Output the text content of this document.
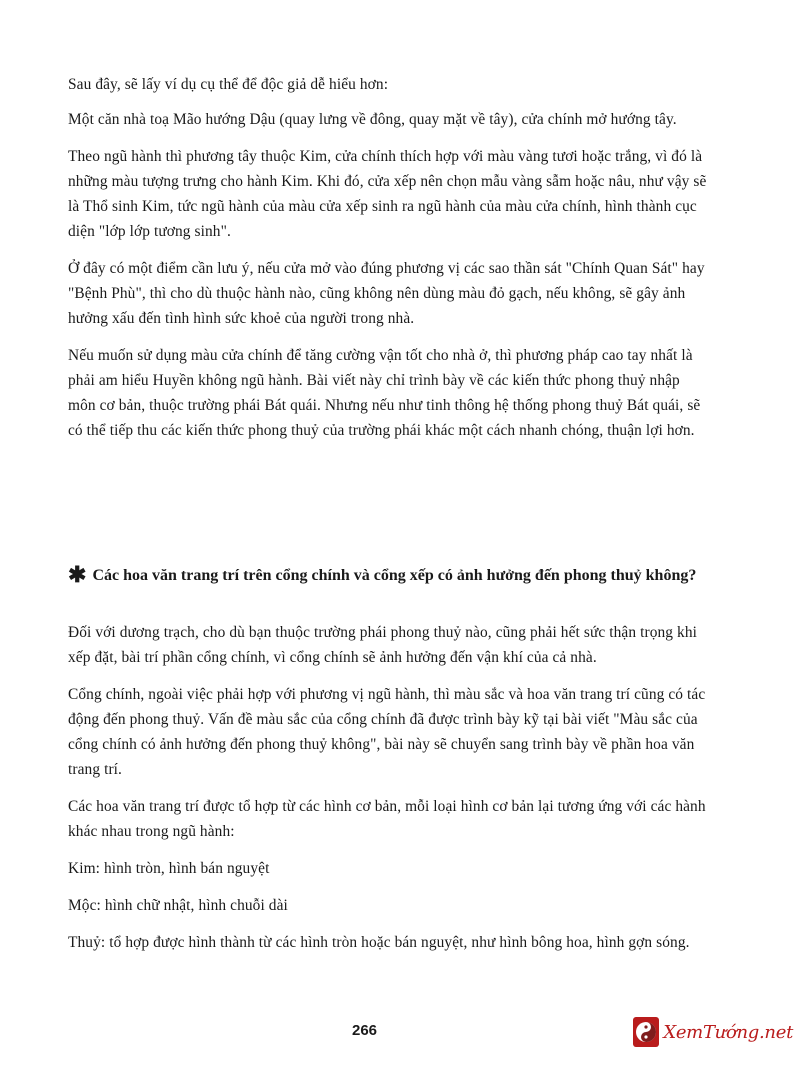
Sau đây, sẽ lấy ví dụ cụ thể để độc giả dễ hiểu hơn:

Một căn nhà toạ Mão hướng Dậu (quay lưng về đông, quay mặt về tây), cửa chính mở hướng tây.

Theo ngũ hành thì phương tây thuộc Kim, cửa chính thích hợp với màu vàng tươi hoặc trắng, vì đó là những màu tượng trưng cho hành Kim. Khi đó, cửa xếp nên chọn mẫu vàng sẫm hoặc nâu, như vậy sẽ là Thổ sinh Kim, tức ngũ hành của màu cửa xếp sinh ra ngũ hành của màu cửa chính, hình thành cục diện "lớp lớp tương sinh".

Ở đây có một điểm cần lưu ý, nếu cửa mở vào đúng phương vị các sao thần sát "Chính Quan Sát" hay "Bệnh Phù", thì cho dù thuộc hành nào, cũng không nên dùng màu đỏ gạch, nếu không, sẽ gây ảnh hưởng xấu đến tình hình sức khoẻ của người trong nhà.

Nếu muốn sử dụng màu cửa chính để tăng cường vận tốt cho nhà ở, thì phương pháp cao tay nhất là phải am hiểu Huyền không ngũ hành. Bài viết này chỉ trình bày về các kiến thức phong thuỷ nhập môn cơ bản, thuộc trường phái Bát quái. Nhưng nếu như tinh thông hệ thống phong thuỷ Bát quái, sẽ có thể tiếp thu các kiến thức phong thuỷ của trường phái khác một cách nhanh chóng, thuận lợi hơn.

✱ Các hoa văn trang trí trên cổng chính và cổng xếp có ảnh hưởng đến phong thuỷ không?

Đối với dương trạch, cho dù bạn thuộc trường phái phong thuỷ nào, cũng phải hết sức thận trọng khi xếp đặt, bài trí phần cổng chính, vì cổng chính sẽ ảnh hưởng đến vận khí của cả nhà.

Cổng chính, ngoài việc phải hợp với phương vị ngũ hành, thì màu sắc và hoa văn trang trí cũng có tác động đến phong thuỷ. Vấn đề màu sắc của cổng chính đã được trình bày kỹ tại bài viết "Màu sắc của cổng chính có ảnh hưởng đến phong thuỷ không", bài này sẽ chuyển sang trình bày về phần hoa văn trang trí.

Các hoa văn trang trí được tổ hợp từ các hình cơ bản, mỗi loại hình cơ bản lại tương ứng với các hành khác nhau trong ngũ hành:

Kim: hình tròn, hình bán nguyệt

Mộc: hình chữ nhật, hình chuỗi dài

Thuỷ: tổ hợp được hình thành từ các hình tròn hoặc bán nguyệt, như hình bông hoa, hình gợn sóng.

266	XemTướng.net
